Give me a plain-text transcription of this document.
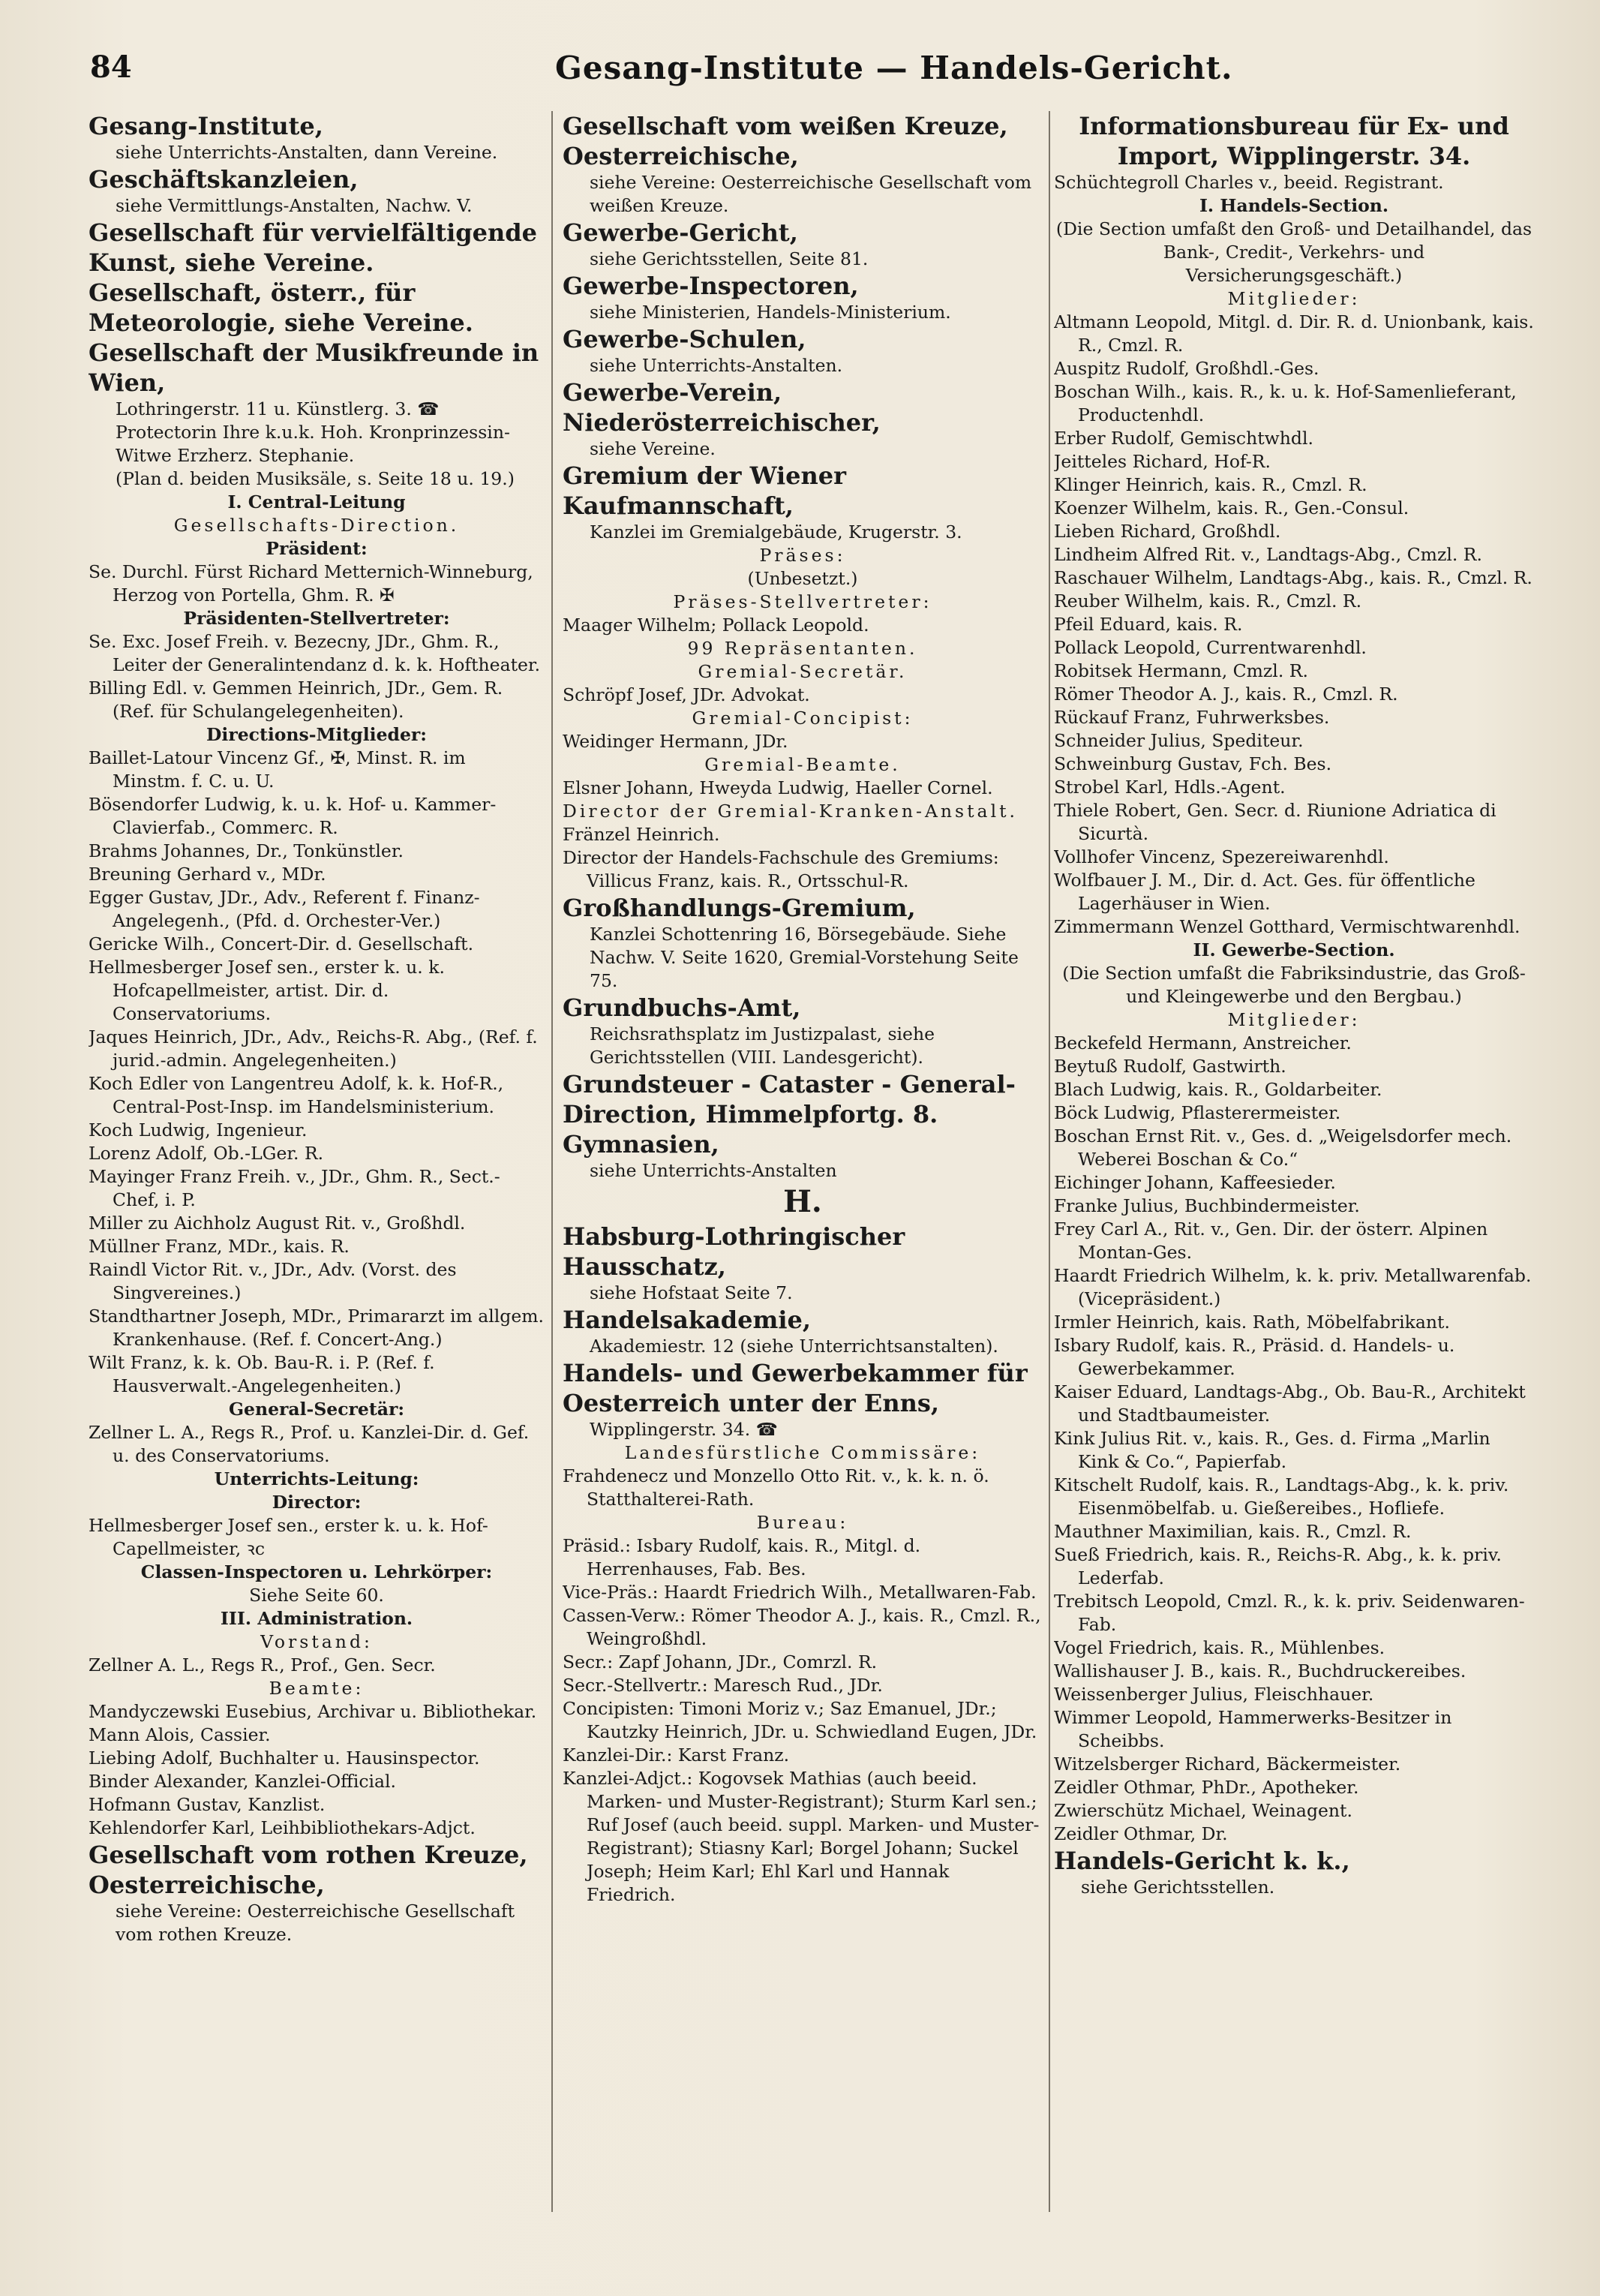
84	Gesang-Institute — Handels-Gericht.

Gesang-Institute,

siehe Unterrichts-Anstalten, dann Vereine.

Geschäftskanzleien,

siehe Vermittlungs-Anstalten, Nachw. V.

Gesellschaft für vervielfältigende Kunst, siehe Vereine.

Gesellschaft, österr., für Meteorologie, siehe Vereine.

Gesellschaft der Musikfreunde in Wien,

Lothringerstr. 11 u. Künstlerg. 3. ☎

Protectorin Ihre k.u.k. Hoh. Kronprinzessin-Witwe Erzherz. Stephanie.

(Plan d. beiden Musiksäle, s. Seite 18 u. 19.)

I. Central-Leitung

Gesellschafts-Direction.

Präsident:

Se. Durchl. Fürst Richard Metternich-Winneburg, Herzog von Portella, Ghm. R. ✠

Präsidenten-Stellvertreter:

Se. Exc. Josef Freih. v. Bezecny, JDr., Ghm. R., Leiter der Generalintendanz d. k. k. Hoftheater.

Billing Edl. v. Gemmen Heinrich, JDr., Gem. R. (Ref. für Schulangelegenheiten).

Directions-Mitglieder:

Baillet-Latour Vincenz Gf., ✠, Minst. R. im Minstm. f. C. u. U.

Bösendorfer Ludwig, k. u. k. Hof- u. Kammer-Clavierfab., Commerc. R.

Brahms Johannes, Dr., Tonkünstler.

Breuning Gerhard v., MDr.

Egger Gustav, JDr., Adv., Referent f. Finanz-Angelegenh., (Pfd. d. Orchester-Ver.)

Gericke Wilh., Concert-Dir. d. Gesellschaft.

Hellmesberger Josef sen., erster k. u. k. Hofcapellmeister, artist. Dir. d. Conservatoriums.

Jaques Heinrich, JDr., Adv., Reichs-R. Abg., (Ref. f. jurid.-admin. Angelegenheiten.)

Koch Edler von Langentreu Adolf, k. k. Hof-R., Central-Post-Insp. im Handelsministerium.

Koch Ludwig, Ingenieur.

Lorenz Adolf, Ob.-LGer. R.

Mayinger Franz Freih. v., JDr., Ghm. R., Sect.-Chef, i. P.

Miller zu Aichholz August Rit. v., Großhdl.

Müllner Franz, MDr., kais. R.

Raindl Victor Rit. v., JDr., Adv. (Vorst. des Singvereines.)

Standthartner Joseph, MDr., Primararzt im allgem. Krankenhause. (Ref. f. Concert-Ang.)

Wilt Franz, k. k. Ob. Bau-R. i. P. (Ref. f. Hausverwalt.-Angelegenheiten.)

General-Secretär:

Zellner L. A., Regs R., Prof. u. Kanzlei-Dir. d. Gef. u. des Conservatoriums.

Unterrichts-Leitung:

Director:

Hellmesberger Josef sen., erster k. u. k. Hof-Capellmeister, ꝛc

Classen-Inspectoren u. Lehrkörper:

Siehe Seite 60.

III. Administration.

Vorstand:

Zellner A. L., Regs R., Prof., Gen. Secr.

Beamte:

Mandyczewski Eusebius, Archivar u. Bibliothekar.

Mann Alois, Cassier.

Liebing Adolf, Buchhalter u. Hausinspector.

Binder Alexander, Kanzlei-Official.

Hofmann Gustav, Kanzlist.

Kehlendorfer Karl, Leihbibliothekars-Adjct.

Gesellschaft vom rothen Kreuze, Oesterreichische,

siehe Vereine: Oesterreichische Gesellschaft vom rothen Kreuze.

Gesellschaft vom weißen Kreuze, Oesterreichische,

siehe Vereine: Oesterreichische Gesellschaft vom weißen Kreuze.

Gewerbe-Gericht,

siehe Gerichtsstellen, Seite 81.

Gewerbe-Inspectoren,

siehe Ministerien, Handels-Ministerium.

Gewerbe-Schulen,

siehe Unterrichts-Anstalten.

Gewerbe-Verein, Niederösterreichischer,

siehe Vereine.

Gremium der Wiener Kaufmannschaft,

Kanzlei im Gremialgebäude, Krugerstr. 3.

Präses:

(Unbesetzt.)

Präses-Stellvertreter:

Maager Wilhelm; Pollack Leopold.

99 Repräsentanten.

Gremial-Secretär.

Schröpf Josef, JDr. Advokat.

Gremial-Concipist:

Weidinger Hermann, JDr.

Gremial-Beamte.

Elsner Johann, Hweyda Ludwig, Haeller Cornel.

Director der Gremial-Kranken-Anstalt.

Fränzel Heinrich.

Director der Handels-Fachschule des Gremiums: Villicus Franz, kais. R., Ortsschul-R.

Großhandlungs-Gremium,

Kanzlei Schottenring 16, Börsegebäude. Siehe Nachw. V. Seite 1620, Gremial-Vorstehung Seite 75.

Grundbuchs-Amt,

Reichsrathsplatz im Justizpalast, siehe Gerichtsstellen (VIII. Landesgericht).

Grundsteuer - Cataster - General-Direction, Himmelpfortg. 8.

Gymnasien,

siehe Unterrichts-Anstalten

H.

Habsburg-Lothringischer Hausschatz,

siehe Hofstaat Seite 7.

Handelsakademie,

Akademiestr. 12 (siehe Unterrichtsanstalten).

Handels- und Gewerbekammer für Oesterreich unter der Enns,

Wipplingerstr. 34. ☎

Landesfürstliche Commissäre:

Frahdenecz und Monzello Otto Rit. v., k. k. n. ö. Statthalterei-Rath.

Bureau:

Präsid.: Isbary Rudolf, kais. R., Mitgl. d. Herrenhauses, Fab. Bes.

Vice-Präs.: Haardt Friedrich Wilh., Metallwaren-Fab.

Cassen-Verw.: Römer Theodor A. J., kais. R., Cmzl. R., Weingroßhdl.

Secr.: Zapf Johann, JDr., Comrzl. R.

Secr.-Stellvertr.: Maresch Rud., JDr.

Concipisten: Timoni Moriz v.; Saz Emanuel, JDr.; Kautzky Heinrich, JDr. u. Schwiedland Eugen, JDr.

Kanzlei-Dir.: Karst Franz.

Kanzlei-Adjct.: Kogovsek Mathias (auch beeid. Marken- und Muster-Registrant); Sturm Karl sen.; Ruf Josef (auch beeid. suppl. Marken- und Muster-Registrant); Stiasny Karl; Borgel Johann; Suckel Joseph; Heim Karl; Ehl Karl und Hannak Friedrich.

Informationsbureau für Ex- und Import, Wipplingerstr. 34.

Schüchtegroll Charles v., beeid. Registrant.

I. Handels-Section.

(Die Section umfaßt den Groß- und Detailhandel, das Bank-, Credit-, Verkehrs- und Versicherungsgeschäft.)

Mitglieder:

Altmann Leopold, Mitgl. d. Dir. R. d. Unionbank, kais. R., Cmzl. R.

Auspitz Rudolf, Großhdl.-Ges.

Boschan Wilh., kais. R., k. u. k. Hof-Samenlieferant, Productenhdl.

Erber Rudolf, Gemischtwhdl.

Jeitteles Richard, Hof-R.

Klinger Heinrich, kais. R., Cmzl. R.

Koenzer Wilhelm, kais. R., Gen.-Consul.

Lieben Richard, Großhdl.

Lindheim Alfred Rit. v., Landtags-Abg., Cmzl. R.

Raschauer Wilhelm, Landtags-Abg., kais. R., Cmzl. R.

Reuber Wilhelm, kais. R., Cmzl. R.

Pfeil Eduard, kais. R.

Pollack Leopold, Currentwarenhdl.

Robitsek Hermann, Cmzl. R.

Römer Theodor A. J., kais. R., Cmzl. R.

Rückauf Franz, Fuhrwerksbes.

Schneider Julius, Spediteur.

Schweinburg Gustav, Fch. Bes.

Strobel Karl, Hdls.-Agent.

Thiele Robert, Gen. Secr. d. Riunione Adriatica di Sicurtà.

Vollhofer Vincenz, Spezereiwarenhdl.

Wolfbauer J. M., Dir. d. Act. Ges. für öffentliche Lagerhäuser in Wien.

Zimmermann Wenzel Gotthard, Vermischtwarenhdl.

II. Gewerbe-Section.

(Die Section umfaßt die Fabriksindustrie, das Groß- und Kleingewerbe und den Bergbau.)

Mitglieder:

Beckefeld Hermann, Anstreicher.

Beytuß Rudolf, Gastwirth.

Blach Ludwig, kais. R., Goldarbeiter.

Böck Ludwig, Pflasterermeister.

Boschan Ernst Rit. v., Ges. d. „Weigelsdorfer mech. Weberei Boschan & Co.“

Eichinger Johann, Kaffeesieder.

Franke Julius, Buchbindermeister.

Frey Carl A., Rit. v., Gen. Dir. der österr. Alpinen Montan-Ges.

Haardt Friedrich Wilhelm, k. k. priv. Metallwarenfab. (Vicepräsident.)

Irmler Heinrich, kais. Rath, Möbelfabrikant.

Isbary Rudolf, kais. R., Präsid. d. Handels- u. Gewerbekammer.

Kaiser Eduard, Landtags-Abg., Ob. Bau-R., Architekt und Stadtbaumeister.

Kink Julius Rit. v., kais. R., Ges. d. Firma „Marlin Kink & Co.“, Papierfab.

Kitschelt Rudolf, kais. R., Landtags-Abg., k. k. priv. Eisenmöbelfab. u. Gießereibes., Hofliefe.

Mauthner Maximilian, kais. R., Cmzl. R.

Sueß Friedrich, kais. R., Reichs-R. Abg., k. k. priv. Lederfab.

Trebitsch Leopold, Cmzl. R., k. k. priv. Seidenwaren-Fab.

Vogel Friedrich, kais. R., Mühlenbes.

Wallishauser J. B., kais. R., Buchdruckereibes.

Weissenberger Julius, Fleischhauer.

Wimmer Leopold, Hammerwerks-Besitzer in Scheibbs.

Witzelsberger Richard, Bäckermeister.

Zeidler Othmar, PhDr., Apotheker.

Zwierschütz Michael, Weinagent.

Zeidler Othmar, Dr.

Handels-Gericht k. k.,

siehe Gerichtsstellen.
